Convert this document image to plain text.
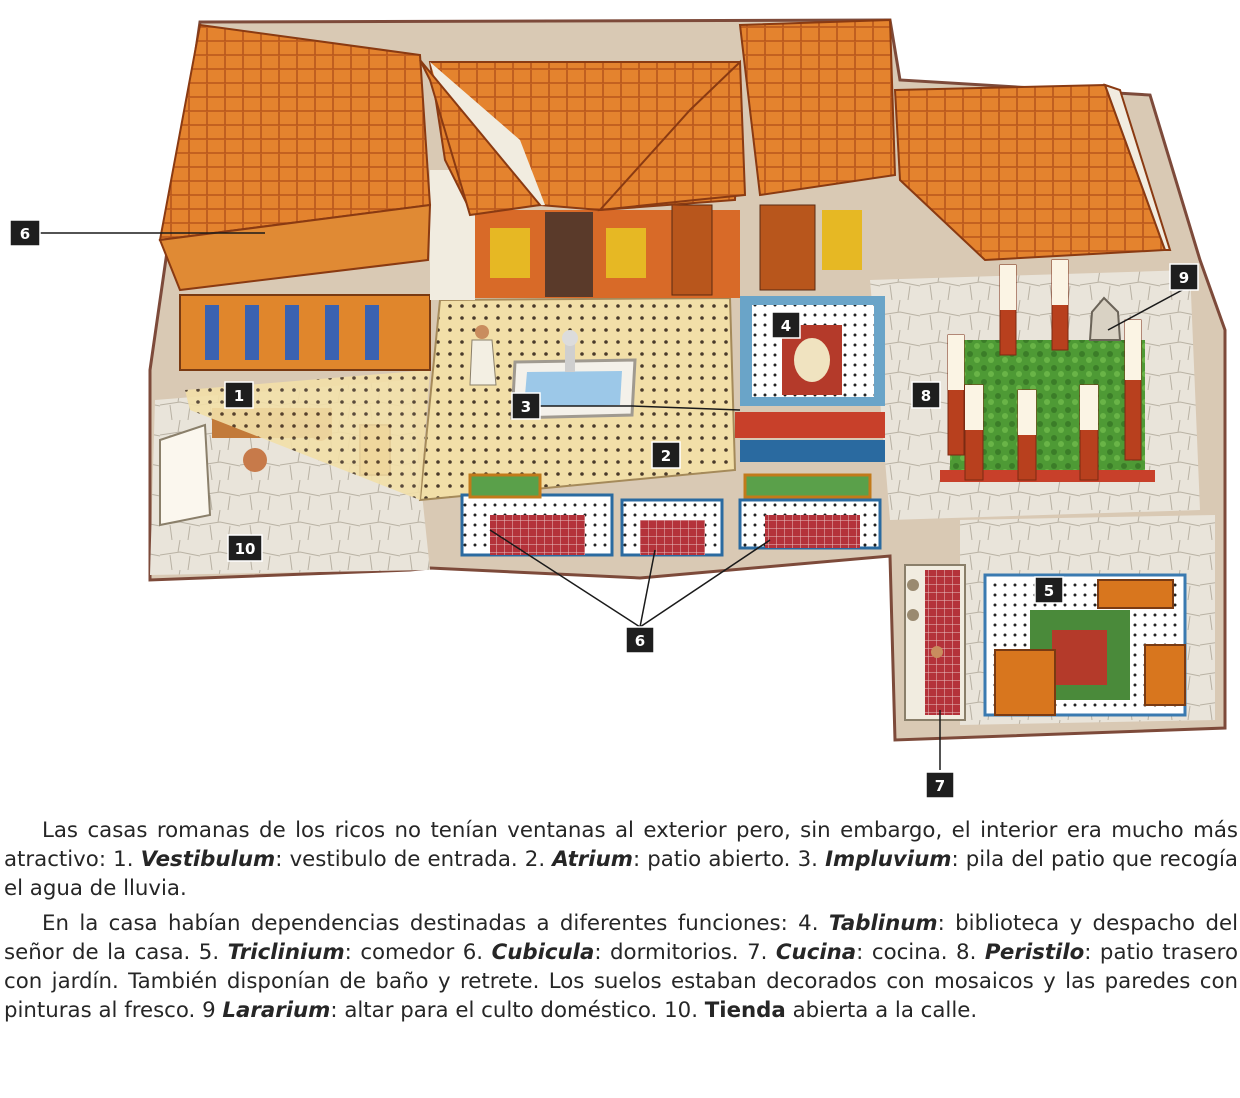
6
1
3
2
4
8
9
10
5
6
7

Las casas romanas de los ricos no tenían ventanas al exterior pero, sin embargo, el interior era mucho más atractivo: 1. Vestibulum: vestibulo de entrada. 2. Atrium: patio abierto. 3. Impluvium: pila del patio que recogía el agua de lluvia.

En la casa habían dependencias destinadas a diferentes funciones: 4. Tablinum: biblioteca y despacho del señor de la casa. 5. Triclinium: comedor 6. Cubicula: dormitorios. 7. Cucina: cocina. 8. Peristilo: patio trasero con jardín. También disponían de baño y retrete. Los suelos estaban decorados con mosaicos y las paredes con pinturas al fresco. 9 Lararium: altar para el culto doméstico. 10. Tienda abierta a la calle.
